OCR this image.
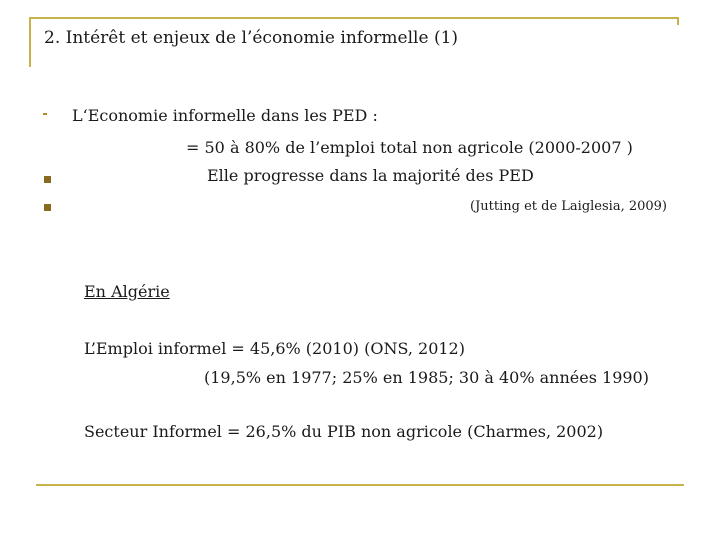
2. Intérêt et enjeux de l’économie informelle (1)
L‘Economie informelle dans les PED :
= 50 à 80% de l’emploi total non agricole (2000-2007 )
Elle progresse dans la majorité des PED
(Jutting et de Laiglesia, 2009)
En Algérie
L’Emploi informel = 45,6% (2010) (ONS, 2012)
(19,5% en 1977; 25% en 1985; 30 à 40% années 1990)
Secteur Informel = 26,5% du PIB non agricole (Charmes, 2002)
